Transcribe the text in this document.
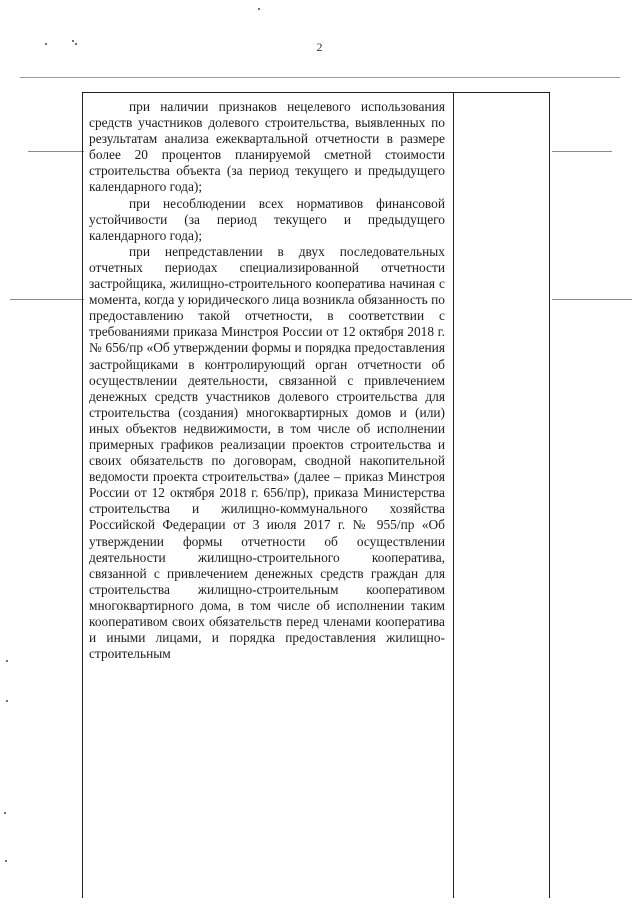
2

при наличии признаков нецелевого использования средств участников долевого строительства, выявленных по результатам анализа ежеквартальной отчетности в размере более 20 процентов планируемой сметной стоимости строительства объекта (за период текущего и предыдущего календарного года);

при несоблюдении всех нормативов финансовой устойчивости (за период текущего и предыдущего календарного года);

при непредставлении в двух последовательных отчетных периодах специализированной отчетности застройщика, жилищно-строительного кооператива начиная с момента, когда у юридического лица возникла обязанность по предоставлению такой отчетности, в соответствии с требованиями приказа Минстроя России от 12 октября 2018 г. № 656/пр «Об утверждении формы и порядка предоставления застройщиками в контролирующий орган отчетности об осуществлении деятельности, связанной с привлечением денежных средств участников долевого строительства для строительства (создания) многоквартирных домов и (или) иных объектов недвижимости, в том числе об исполнении примерных графиков реализации проектов строительства и своих обязательств по договорам, сводной накопительной ведомости проекта строительства» (далее – приказ Минстроя России от 12 октября 2018 г. 656/пр), приказа Министерства строительства и жилищно-коммунального хозяйства Российской Федерации от 3 июля 2017 г. № 955/пр «Об утверждении формы отчетности об осуществлении деятельности жилищно-строительного кооператива, связанной с привлечением денежных средств граждан для строительства жилищно-строительным кооперативом многоквартирного дома, в том числе об исполнении таким кооперативом своих обязательств перед членами кооператива и иными лицами, и порядка предоставления жилищно-строительным
